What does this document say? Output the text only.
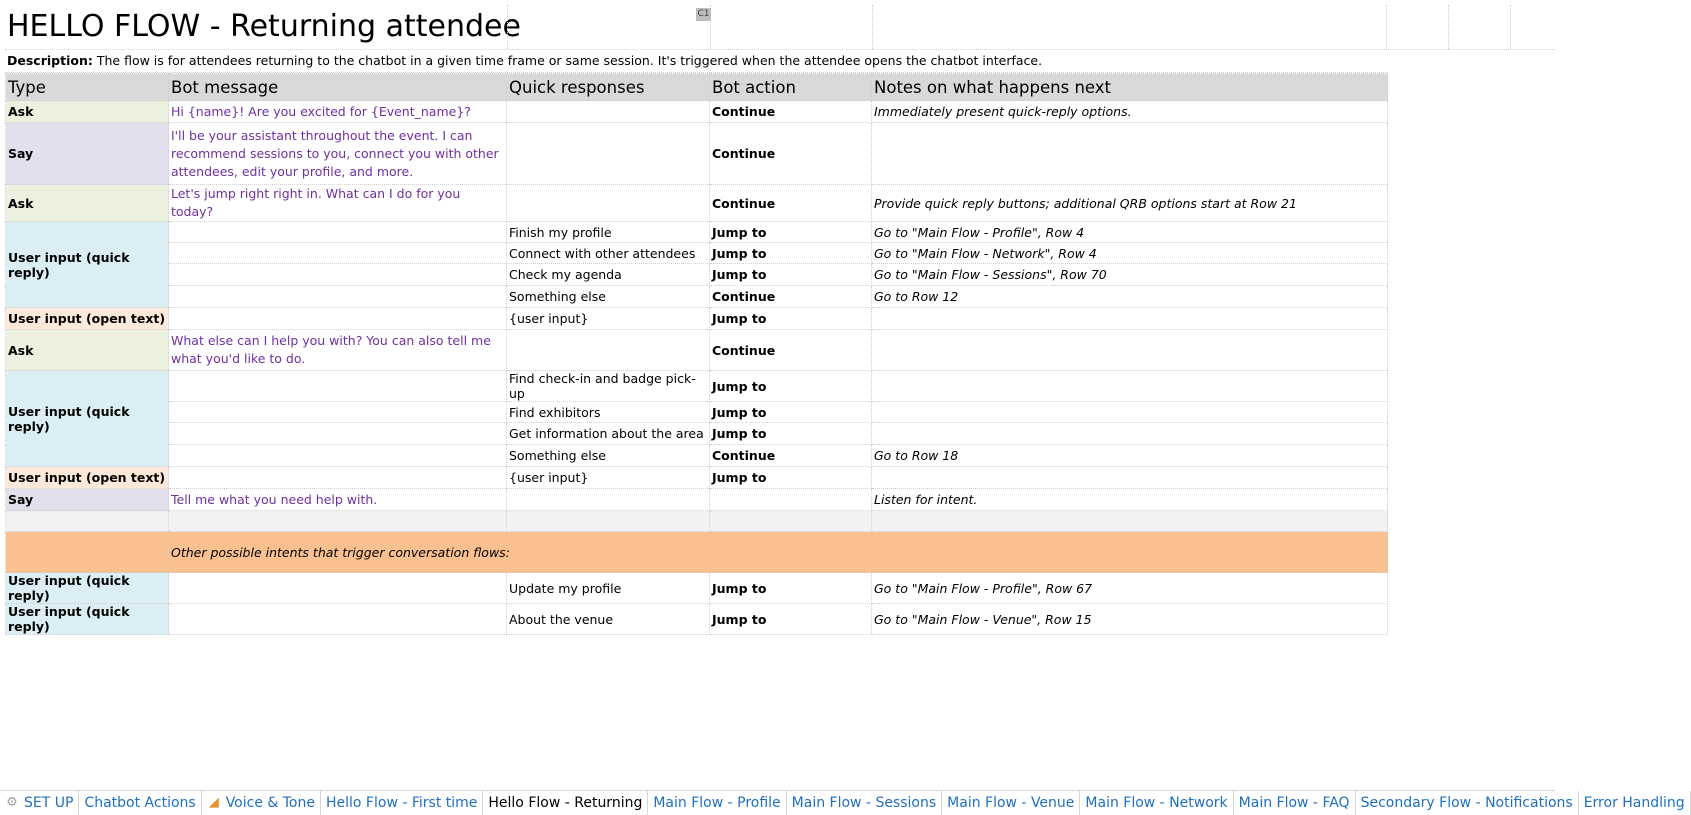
HELLO FLOW - Returning attendee	C1
Description: The flow is for attendees returning to the chatbot in a given time frame or same session. It's triggered when the attendee opens the chatbot interface.
Type	Bot message	Quick responses	Bot action	Notes on what happens next
Ask	Hi {name}! Are you excited for {Event_name}?		Continue	Immediately present quick-reply options.
Say	I'll be your assistant throughout the event. I can recommend sessions to you, connect you with other attendees, edit your profile, and more.		Continue	
Ask	Let's jump right right in. What can I do for you today?		Continue	Provide quick reply buttons; additional QRB options start at Row 21
User input (quick reply)		Finish my profile	Jump to	Go to "Main Flow - Profile", Row 4
		Connect with other attendees	Jump to	Go to "Main Flow - Network", Row 4
		Check my agenda	Jump to	Go to "Main Flow - Sessions", Row 70
		Something else	Continue	Go to Row 12
User input (open text)		{user input}	Jump to	
Ask	What else can I help you with? You can also tell me what you'd like to do.		Continue	
User input (quick reply)		Find check-in and badge pick-up	Jump to	
		Find exhibitors	Jump to	
		Get information about the area	Jump to	
		Something else	Continue	Go to Row 18
User input (open text)		{user input}	Jump to	
Say	Tell me what you need help with.			Listen for intent.

	Other possible intents that trigger conversation flows:			
User input (quick reply)		Update my profile	Jump to	Go to "Main Flow - Profile", Row 67
User input (quick reply)		About the venue	Jump to	Go to "Main Flow - Venue", Row 15
⚙ SET UP Chatbot Actions ◢ Voice & Tone Hello Flow - First time Hello Flow - Returning Main Flow - Profile Main Flow - Sessions Main Flow - Venue Main Flow - Network Main Flow - FAQ Secondary Flow - Notifications Error Handling
